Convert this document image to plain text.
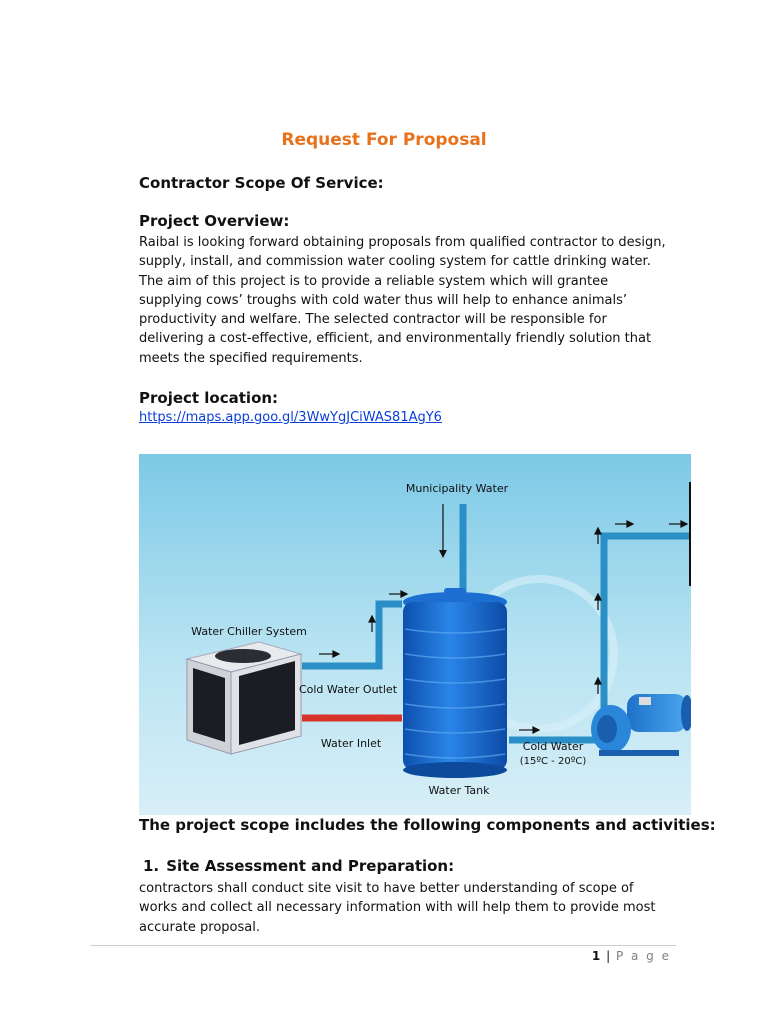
Request For Proposal
Contractor Scope Of Service:
Project Overview:
Raibal is looking forward obtaining proposals from qualified contractor to design, supply, install, and commission water cooling system for cattle drinking water. The aim of this project is to provide a reliable system which will grantee supplying cows’ troughs with cold water thus will help to enhance animals’ productivity and welfare. The selected contractor will be responsible for delivering a cost-effective, efficient, and environmentally friendly solution that meets the specified requirements.
Project location:
https://maps.app.goo.gl/3WwYgJCiWAS81AgY6
Municipality Water
Water Chiller System
Cold Water Outlet
Water Inlet
Water Tank
Cold Water
(15ºC - 20ºC)
The project scope includes the following components and activities:
1. Site Assessment and Preparation:
contractors shall conduct site visit to have better understanding of scope of works and collect all necessary information with will help them to provide most accurate proposal.
1 | P a g e
